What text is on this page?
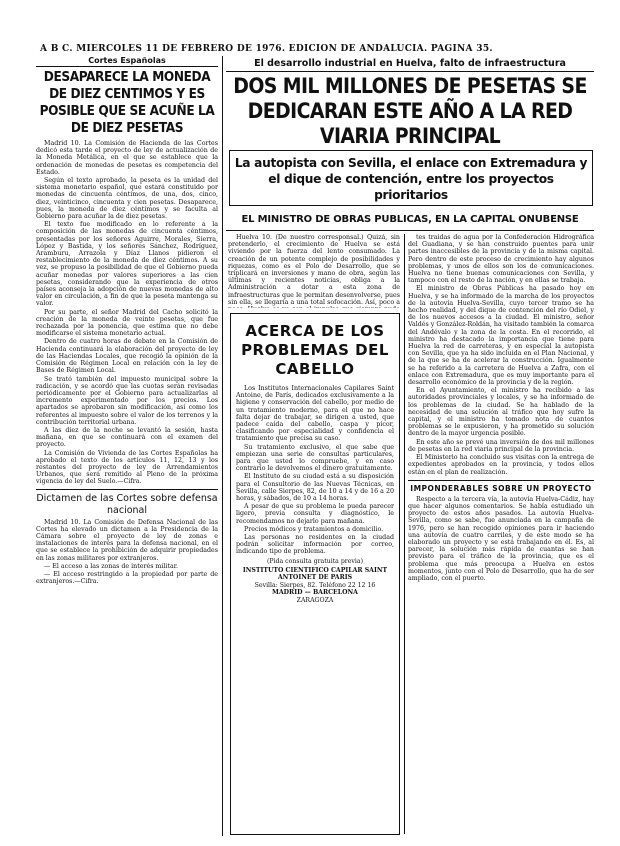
A B C. MIERCOLES 11 DE FEBRERO DE 1976. EDICION DE ANDALUCIA. PAGINA 35.
Cortes Españolas
DESAPARECE LA MONEDA DE DIEZ CENTIMOS Y ES POSIBLE QUE SE ACUÑE LA DE DIEZ PESETAS

Madrid 10. La Comisión de Hacienda de las Cortes dedicó esta tarde el proyecto de ley de actualización de la Moneda Metálica, en el que se establece que la ordenación de monedas de pesetas es competencia del Estado.

Según el texto aprobado, la peseta es la unidad del sistema monetario español, que estará constituido por monedas de cincuenta céntimos, de una, dos, cinco, diez, veinticinco, cincuenta y cien pesetas. Desaparece, pues, la moneda de diez céntimos y se faculta al Gobierno para acuñar la de diez pesetas.

El texto fue modificado en lo referente a la composición de las monedas de cincuenta céntimos, presentadas por los señores Aguirre, Morales, Sierra, López y Bastida, y los señores Sánchez, Rodríguez, Aramburu, Arrazola y Díaz Llanos pidieron el restablecimiento de la moneda de diez céntimos. A su vez, se propuso la posibilidad de que el Gobierno pueda acuñar monedas por valores superiores a las cien pesetas, considerando que la experiencia de otros países aconseja la adopción de nuevas monedas de alto valor en circulación, a fin de que la peseta mantenga su valor.

Por su parte, el señor Madrid del Cacho solicitó la creación de la moneda de veinte pesetas, que fue rechazada por la ponencia, que estima que no debe modificarse el sistema monetario actual.

Dentro de cuatro horas de debate en la Comisión de Hacienda continuará la elaboración del proyecto de ley de las Haciendas Locales, que recogió la opinión de la Comisión de Régimen Local en relación con la ley de Bases de Régimen Local.

Se trató también del impuesto municipal sobre la radicación, y se acordó que las cuotas serán revisadas periódicamente por el Gobierno para actualizarlas al incremento experimentado por los precios. Los apartados se aprobaron sin modificación, así como los referentes al impuesto sobre el valor de los terrenos y la contribución territorial urbana.

A las diez de la noche se levantó la sesión, hasta mañana, en que se continuará con el examen del proyecto.

La Comisión de Vivienda de las Cortes Españolas ha aprobado el texto de los artículos 11, 12, 13 y los restantes del proyecto de ley de Arrendamientos Urbanos, que será remitido al Pleno de la próxima vigencia de ley del Suelo.—Cifra.

Dictamen de las Cortes sobre defensa nacional

Madrid 10. La Comisión de Defensa Nacional de las Cortes ha elevado un dictamen a la Presidencia de la Cámara sobre el proyecto de ley de zonas e instalaciones de interés para la defensa nacional, en el que se establece la prohibición de adquirir propiedades en las zonas militares por extranjeros.

— El acceso a las zonas de interés militar.

— El acceso restringido a la propiedad por parte de extranjeros.—Cifra.

El desarrollo industrial en Huelva, falto de infraestructura
DOS MIL MILLONES DE PESETAS SE DEDICARAN ESTE AÑO A LA RED VIARIA PRINCIPAL
La autopista con Sevilla, el enlace con Extremadura y el dique de contención, entre los proyectos prioritarios
EL MINISTRO DE OBRAS PUBLICAS, EN LA CAPITAL ONUBENSE

Huelva 10. (De nuestro corresponsal.) Quizá, sin pretenderlo, el crecimiento de Huelva se está viviendo por la fuerza del lento consumado. La creación de un potente complejo de posibilidades y riquezas, como es el Polo de Desarrollo, que se triplicará en inversiones y mano de obra, según las últimas y recientes noticias, obliga a la Administración a dotar a esta zona de infraestructuras que le permitan desenvolverse, pues sin ella, se llegaría a una total sofocación. Así, poco a

ACERCA DE LOS PROBLEMAS DEL CABELLO

Los Institutos Internacionales Capilares Saint Antoine, de París, dedicados exclusivamente a la higiene y conservación del cabello, por medio de un tratamiento moderno, para el que no hace falta dejar de trabajar, se dirigen a usted, que padece caída del cabello, caspa y picor, clasificando por especialidad y confidencia el tratamiento que precisa su caso.

Su tratamiento exclusivo, el que sabe que empiezan una serie de consultas particulares, para que usted lo compruebe, y en caso contrario le devolvemos el dinero gratuitamente.

El Instituto de su ciudad está a su disposición para el Consultorio de las Nuevas Técnicas, en Sevilla, calle Sierpes, 82, de 10 a 14 y de 16 a 20 horas, y sábados, de 10 a 14 horas.

A pesar de que su problema le pueda parecer ligero, previa consulta y diagnóstico, le recomendamos no dejarlo para mañana.

Precios módicos y tratamientos a domicilio.

Las personas no residentes en la ciudad podrán solicitar información por correo, indicando tipo de problema.

(Pida consulta gratuita previa)
INSTITUTO CIENTIFICO CAPILAR SAINT ANTOINET DE PARIS
Sevilla: Sierpes, 82. Teléfono 22 12 16
MADRID — BARCELONA
ZARAGOZA

tes traídas de agua por la Confederación Hidrográfica del Guadiana, y se han construido puentes para unir partes inaccesibles de la provincia y de la misma capital. Pero dentro de este proceso de crecimiento hay algunos problemas, y unos de ellos son los de comunicaciones. Huelva no tiene buenas comunicaciones con Sevilla, y tampoco con el resto de la nación, y en ellas se trabaja.

El ministro de Obras Públicas ha pasado hoy en Huelva, y se ha informado de la marcha de los proyectos de la autovía Huelva-Sevilla, cuyo tercer tramo se ha hecho realidad, y del dique de contención del río Odiel, y de los nuevos accesos a la ciudad. El ministro, señor Valdés y González-Roldán, ha visitado también la comarca del Andévalo y la zona de la costa. En el recorrido, el ministro ha destacado la importancia que tiene para Huelva la red de carreteras, y en especial la autopista con Sevilla, que ya ha sido incluida en el Plan Nacional, y de la que se ha de acelerar la construcción. Igualmente se ha referido a la carretera de Huelva a Zafra, con el enlace con Extremadura, que es muy importante para el desarrollo económico de la provincia y de la región.

En el Ayuntamiento, el ministro ha recibido a las autoridades provinciales y locales, y se ha informado de los problemas de la ciudad. Se ha hablado de la necesidad de una solución al tráfico que hoy sufre la capital, y el ministro ha tomado nota de cuantos problemas se le expusieron, y ha prometido su solución dentro de la mayor urgencia posible.

En este año se prevé una inversión de dos mil millones de pesetas en la red viaria principal de la provincia.

El Ministerio ha concluido sus visitas con la entrega de expedientes aprobados en la provincia, y todos ellos están en el plan de realización.

IMPONDERABLES SOBRE UN PROYECTO

Respecto a la tercera vía, la autovía Huelva-Cádiz, hay que hacer algunos comentarios. Se había estudiado un proyecto de estos años pasados. La autovía Huelva-Sevilla, como se sabe, fue anunciada en la campaña de 1976, pero se han recogido opiniones para ir haciendo una autovía de cuatro carriles, y de este modo se ha elaborado un proyecto y se está trabajando en él. Es, al parecer, la solución más rápida de cuantas se han previsto para el tráfico de la provincia, que es el problema que más preocupa a Huelva en estos momentos, junto con el Polo de Desarrollo, que ha de ser ampliado, con el puerto.
